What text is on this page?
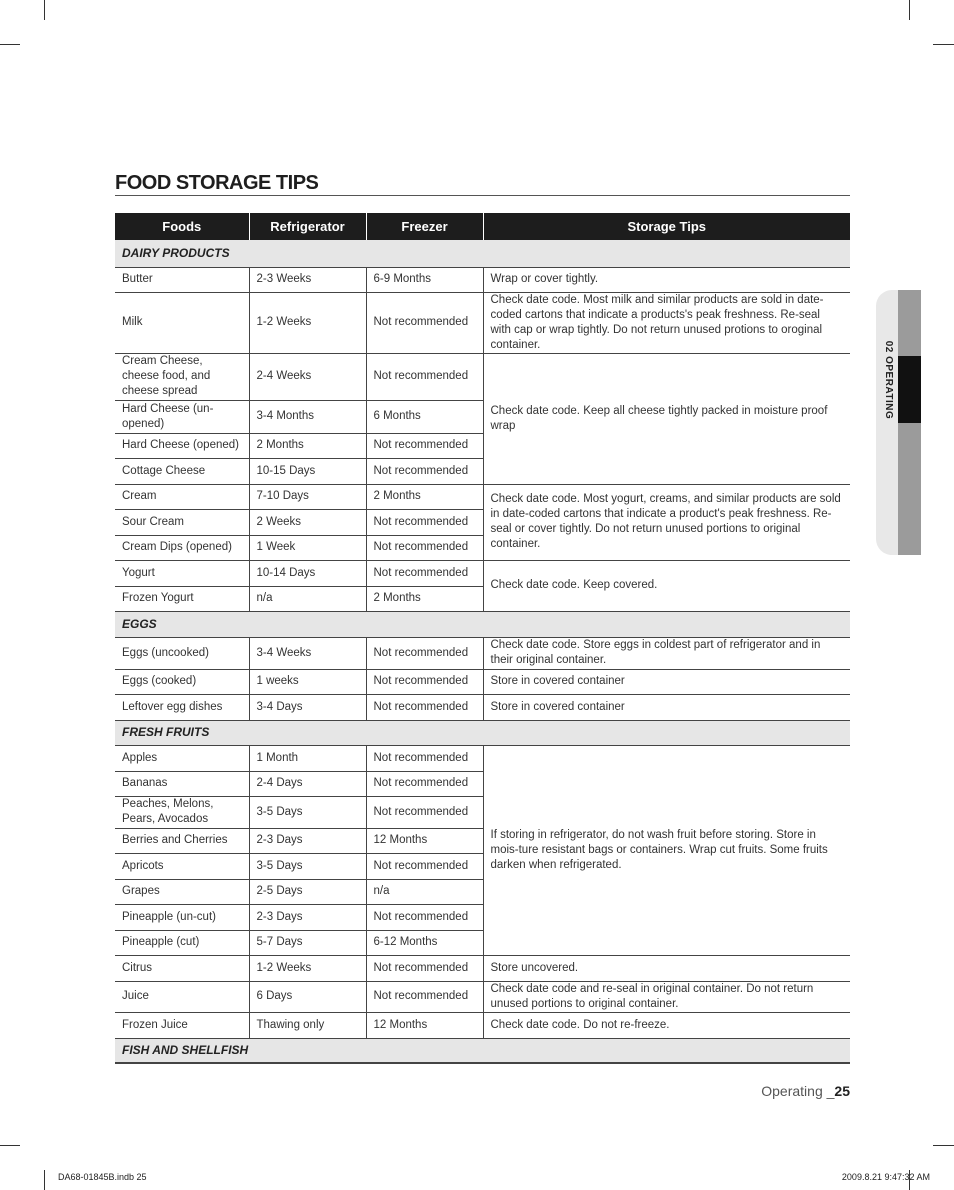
FOOD STORAGE TIPS
Foods	Refrigerator	Freezer	Storage Tips
DAIRY PRODUCTS			
Butter	2-3 Weeks	6-9 Months	Wrap or cover tightly.
Milk	1-2 Weeks	Not recommended	Check date code. Most milk and similar products are sold in date-coded cartons that indicate a products's peak freshness. Re-seal with cap or wrap tightly. Do not return unused protions to oroginal container.
Cream Cheese, cheese food, and cheese spread	2-4 Weeks	Not recommended	Check date code. Keep all cheese tightly packed in moisture proof wrap
Hard Cheese (un-opened)	3-4 Months	6 Months	
Hard Cheese (opened)	2 Months	Not recommended	
Cottage Cheese	10-15 Days	Not recommended	
Cream	7-10 Days	2 Months	Check date code. Most yogurt, creams, and similar products are sold in date-coded cartons that indicate a product's peak freshness. Re-seal or cover tightly. Do not return unused portions to original container.
Sour Cream	2 Weeks	Not recommended	
Cream Dips (opened)	1 Week	Not recommended	
Yogurt	10-14 Days	Not recommended	Check date code. Keep covered.
Frozen Yogurt	n/a	2 Months	
EGGS			
Eggs (uncooked)	3-4 Weeks	Not recommended	Check date code. Store eggs in coldest part of refrigerator and in their original container.
Eggs (cooked)	1 weeks	Not recommended	Store in covered container
Leftover egg dishes	3-4 Days	Not recommended	Store in covered container
FRESH FRUITS			
Apples	1 Month	Not recommended	If storing in refrigerator, do not wash fruit before storing. Store in mois-ture resistant bags or containers. Wrap cut fruits. Some fruits darken when refrigerated.
Bananas	2-4 Days	Not recommended	
Peaches, Melons, Pears, Avocados	3-5 Days	Not recommended	
Berries and Cherries	2-3 Days	12 Months	
Apricots	3-5 Days	Not recommended	
Grapes	2-5 Days	n/a	
Pineapple (un-cut)	2-3 Days	Not recommended	
Pineapple (cut)	5-7 Days	6-12 Months	
Citrus	1-2 Weeks	Not recommended	Store uncovered.
Juice	6 Days	Not recommended	Check date code and re-seal in original container. Do not return unused portions to original container.
Frozen Juice	Thawing only	12 Months	Check date code. Do not re-freeze.
FISH AND SHELLFISH			
02 OPERATING
Operating _25
DA68-01845B.indb 25	2009.8.21 9:47:32 AM
